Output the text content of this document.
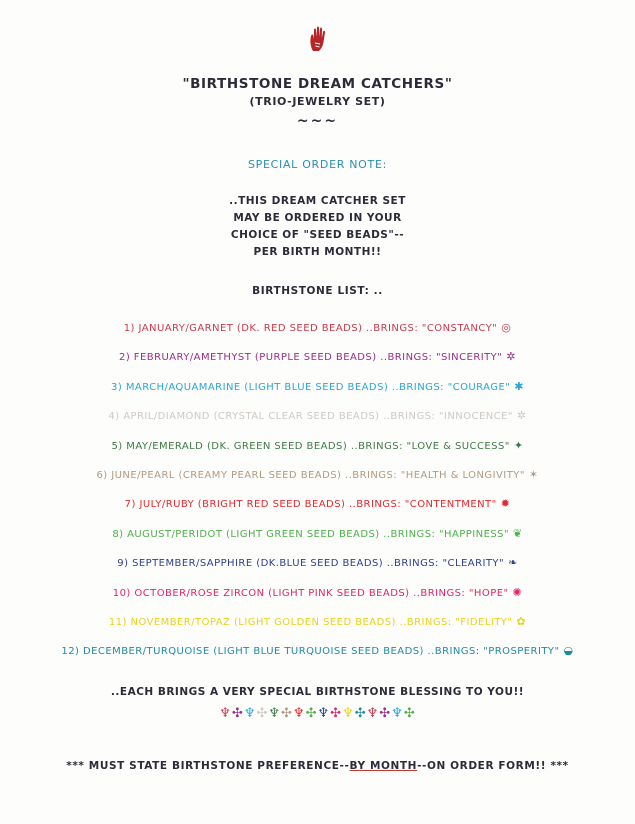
"BIRTHSTONE DREAM CATCHERS"
(TRIO-JEWELRY SET)
~~~
SPECIAL ORDER NOTE:
..THIS DREAM CATCHER SET
MAY BE ORDERED IN YOUR
CHOICE OF "SEED BEADS"--
PER BIRTH MONTH!!
BIRTHSTONE LIST: ..
1) JANUARY/GARNET (DK. RED SEED BEADS) ..BRINGS: "CONSTANCY" ◎
2) FEBRUARY/AMETHYST (PURPLE SEED BEADS) ..BRINGS: "SINCERITY" ✲
3) MARCH/AQUAMARINE (LIGHT BLUE SEED BEADS) ..BRINGS: "COURAGE" ✱
4) APRIL/DIAMOND (CRYSTAL CLEAR SEED BEADS) ..BRINGS: "INNOCENCE" ✲
5) MAY/EMERALD (DK. GREEN SEED BEADS) ..BRINGS: "LOVE & SUCCESS" ✦
6) JUNE/PEARL (CREAMY PEARL SEED BEADS) ..BRINGS: "HEALTH & LONGIVITY" ✶
7) JULY/RUBY (BRIGHT RED SEED BEADS) ..BRINGS: "CONTENTMENT" ✹
8) AUGUST/PERIDOT (LIGHT GREEN SEED BEADS) ..BRINGS: "HAPPINESS" ❦
9) SEPTEMBER/SAPPHIRE (DK.BLUE SEED BEADS) ..BRINGS: "CLEARITY" ❧
10) OCTOBER/ROSE ZIRCON (LIGHT PINK SEED BEADS) ..BRINGS: "HOPE" ✺
11) NOVEMBER/TOPAZ (LIGHT GOLDEN SEED BEADS) ..BRINGS: "FIDELITY" ✿
12) DECEMBER/TURQUOISE (LIGHT BLUE TURQUOISE SEED BEADS) ..BRINGS: "PROSPERITY" ◒
..EACH BRINGS A VERY SPECIAL BIRTHSTONE BLESSING TO YOU!!
♆✣♆✣♆✣♆✣♆✣♆✣♆✣♆✣
*** MUST STATE BIRTHSTONE PREFERENCE--BY MONTH--ON ORDER FORM!! ***
